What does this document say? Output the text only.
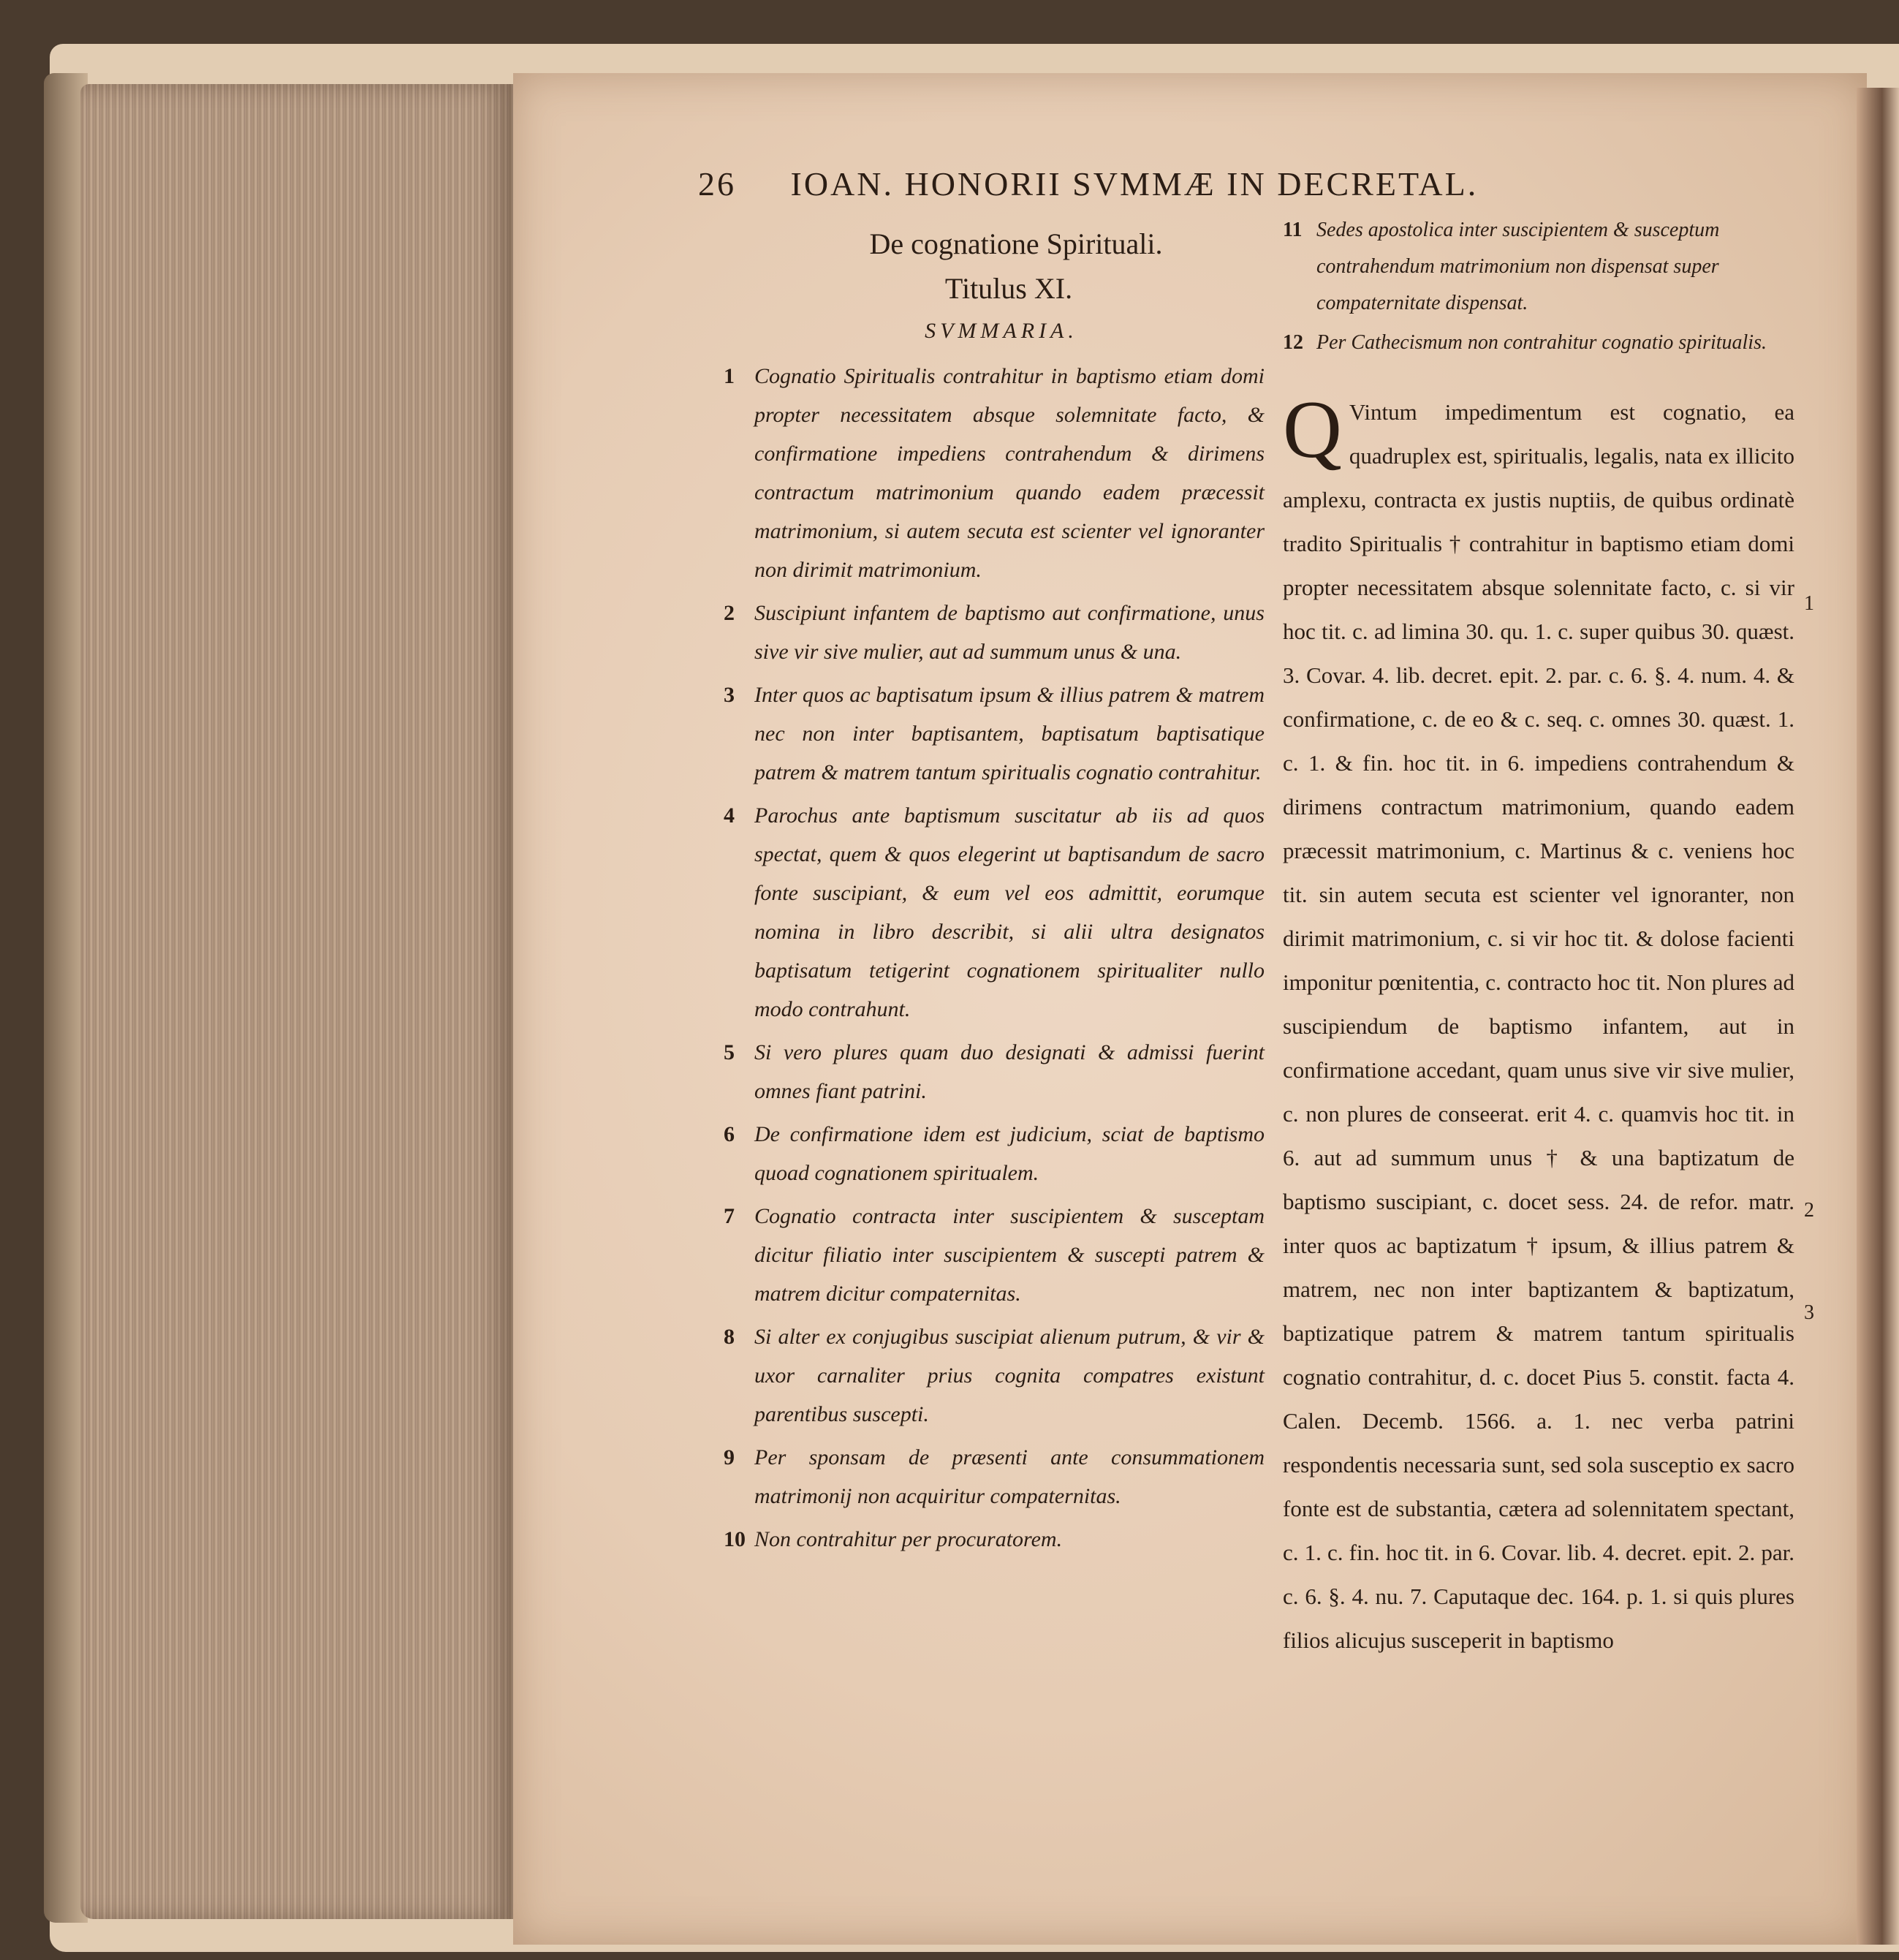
26 IOAN. HONORII SVMMÆ IN DECRETAL.
De cognatione Spirituali.
Titulus XI.
SVMMARIA.
1 Cognatio Spiritualis contrahitur in baptismo etiam domi propter necessitatem absque solemnitate facto, & confirmatione impediens contrahendum & dirimens contractum matrimonium quando eadem præcessit matrimonium, si autem secuta est scienter vel ignoranter non dirimit matrimonium.
2 Suscipiunt infantem de baptismo aut confirmatione, unus sive vir sive mulier, aut ad summum unus & una.
3 Inter quos ac baptisatum ipsum & illius patrem & matrem nec non inter baptisantem, baptisatum baptisatique patrem & matrem tantum spiritualis cognatio contrahitur.
4 Parochus ante baptismum suscitatur ab iis ad quos spectat, quem & quos elegerint ut baptisandum de sacro fonte suscipiant, & eum vel eos admittit, eorumque nomina in libro describit, si alii ultra designatos baptisatum tetigerint cognationem spiritualiter nullo modo contrahunt.
5 Si vero plures quam duo designati & admissi fuerint omnes fiant patrini.
6 De confirmatione idem est judicium, sciat de baptismo quoad cognationem spiritualem.
7 Cognatio contracta inter suscipientem & susceptam dicitur filiatio inter suscipientem & suscepti patrem & matrem dicitur compaternitas.
8 Si alter ex conjugibus suscipiat alienum putrum, & vir & uxor carnaliter prius cognita compatres existunt parentibus suscepti.
9 Per sponsam de præsenti ante consummationem matrimonij non acquiritur compaternitas.
10 Non contrahitur per procuratorem.
11 Sedes apostolica inter suscipientem & susceptum contrahendum matrimonium non dispensat super compaternitate dispensat.
12 Per Cathecismum non contrahitur cognatio spiritualis.
Q Vintum impedimentum est cognatio, ea quadruplex est, spiritualis, legalis, nata ex illicito amplexu, contracta ex justis nuptiis, de quibus ordinatè tradito Spiritualis † contrahitur in baptismo etiam domi propter necessitatem absque solennitate facto, c. si vir hoc tit. c. ad limina 30. qu. 1. c. super quibus 30. quæst. 3. Covar. 4. lib. decret. epit. 2. par. c. 6. §. 4. num. 4. & confirmatione, c. de eo & c. seq. c. omnes 30. quæst. 1. c. 1. & fin. hoc tit. in 6. impediens contrahendum & dirimens contractum matrimonium, quando eadem præcessit matrimonium, c. Martinus & c. veniens hoc tit. sin autem secuta est scienter vel ignoranter, non dirimit matrimonium, c. si vir hoc tit. & dolose facienti imponitur pœnitentia, c. contracto hoc tit. Non plures ad suscipiendum de baptismo infantem, aut in confirmatione accedant, quam unus sive vir sive mulier, c. non plures de conseerat. erit 4. c. quamvis hoc tit. in 6. aut ad summum unus † & una baptizatum de baptismo suscipiant, c. docet sess. 24. de refor. matr. inter quos ac baptizatum † ipsum, & illius patrem & matrem, nec non inter baptizantem & baptizatum, baptizatique patrem & matrem tantum spiritualis cognatio contrahitur, d. c. docet Pius 5. constit. facta 4. Calen. Decemb. 1566. a. 1. nec verba patrini respondentis necessaria sunt, sed sola susceptio ex sacro fonte est de substantia, cætera ad solennitatem spectant, c. 1. c. fin. hoc tit. in 6. Covar. lib. 4. decret. epit. 2. par. c. 6. §. 4. nu. 7. Caputaque dec. 164. p. 1. si quis plures filios alicujus susceperit in baptismo
1
2
3
